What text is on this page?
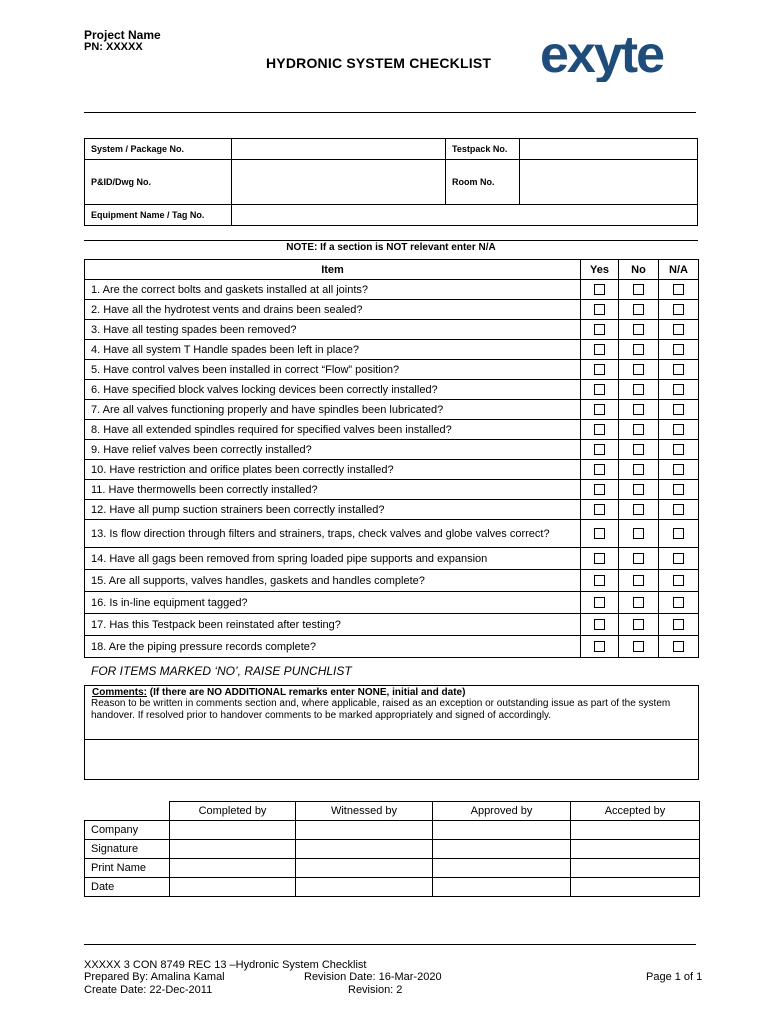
Project Name
PN: XXXXX
HYDRONIC SYSTEM CHECKLIST exyte
System / Package No.		Testpack No.	
P&ID/Dwg No.		Room No.	
Equipment Name / Tag No.			
NOTE: If a section is NOT relevant enter N/A
Item	Yes	No	N/A
1. Are the correct bolts and gaskets installed at all joints?			
2. Have all the hydrotest vents and drains been sealed?			
3. Have all testing spades been removed?			
4. Have all system T Handle spades been left in place?			
5. Have control valves been installed in correct “Flow” position?			
6. Have specified block valves locking devices been correctly installed?			
7. Are all valves functioning properly and have spindles been lubricated?			
8. Have all extended spindles required for specified valves been installed?			
9. Have relief valves been correctly installed?			
10. Have restriction and orifice plates been correctly installed?			
11. Have thermowells been correctly installed?			
12. Have all pump suction strainers been correctly installed?			
13. Is flow direction through filters and strainers, traps, check valves and globe valves correct?			
14. Have all gags been removed from spring loaded pipe supports and expansion			
15. Are all supports, valves handles, gaskets and handles complete?			
16. Is in-line equipment tagged?			
17. Has this Testpack been reinstated after testing?			
18. Are the piping pressure records complete?			
FOR ITEMS MARKED ‘NO’, RAISE PUNCHLIST
Comments: (If there are NO ADDITIONAL remarks enter NONE, initial and date)
Reason to be written in comments section and, where applicable, raised as an exception or outstanding issue as part of the system handover. If resolved prior to handover comments to be marked appropriately and signed of accordingly.
	Completed by	Witnessed by	Approved by	Accepted by
Company				
Signature				
Print Name				
Date				
XXXXX 3 CON 8749 REC 13 –Hydronic System Checklist
Prepared By: Amalina Kamal	Revision Date: 16-Mar-2020	Page 1 of 1
Create Date: 22-Dec-2011	Revision: 2
